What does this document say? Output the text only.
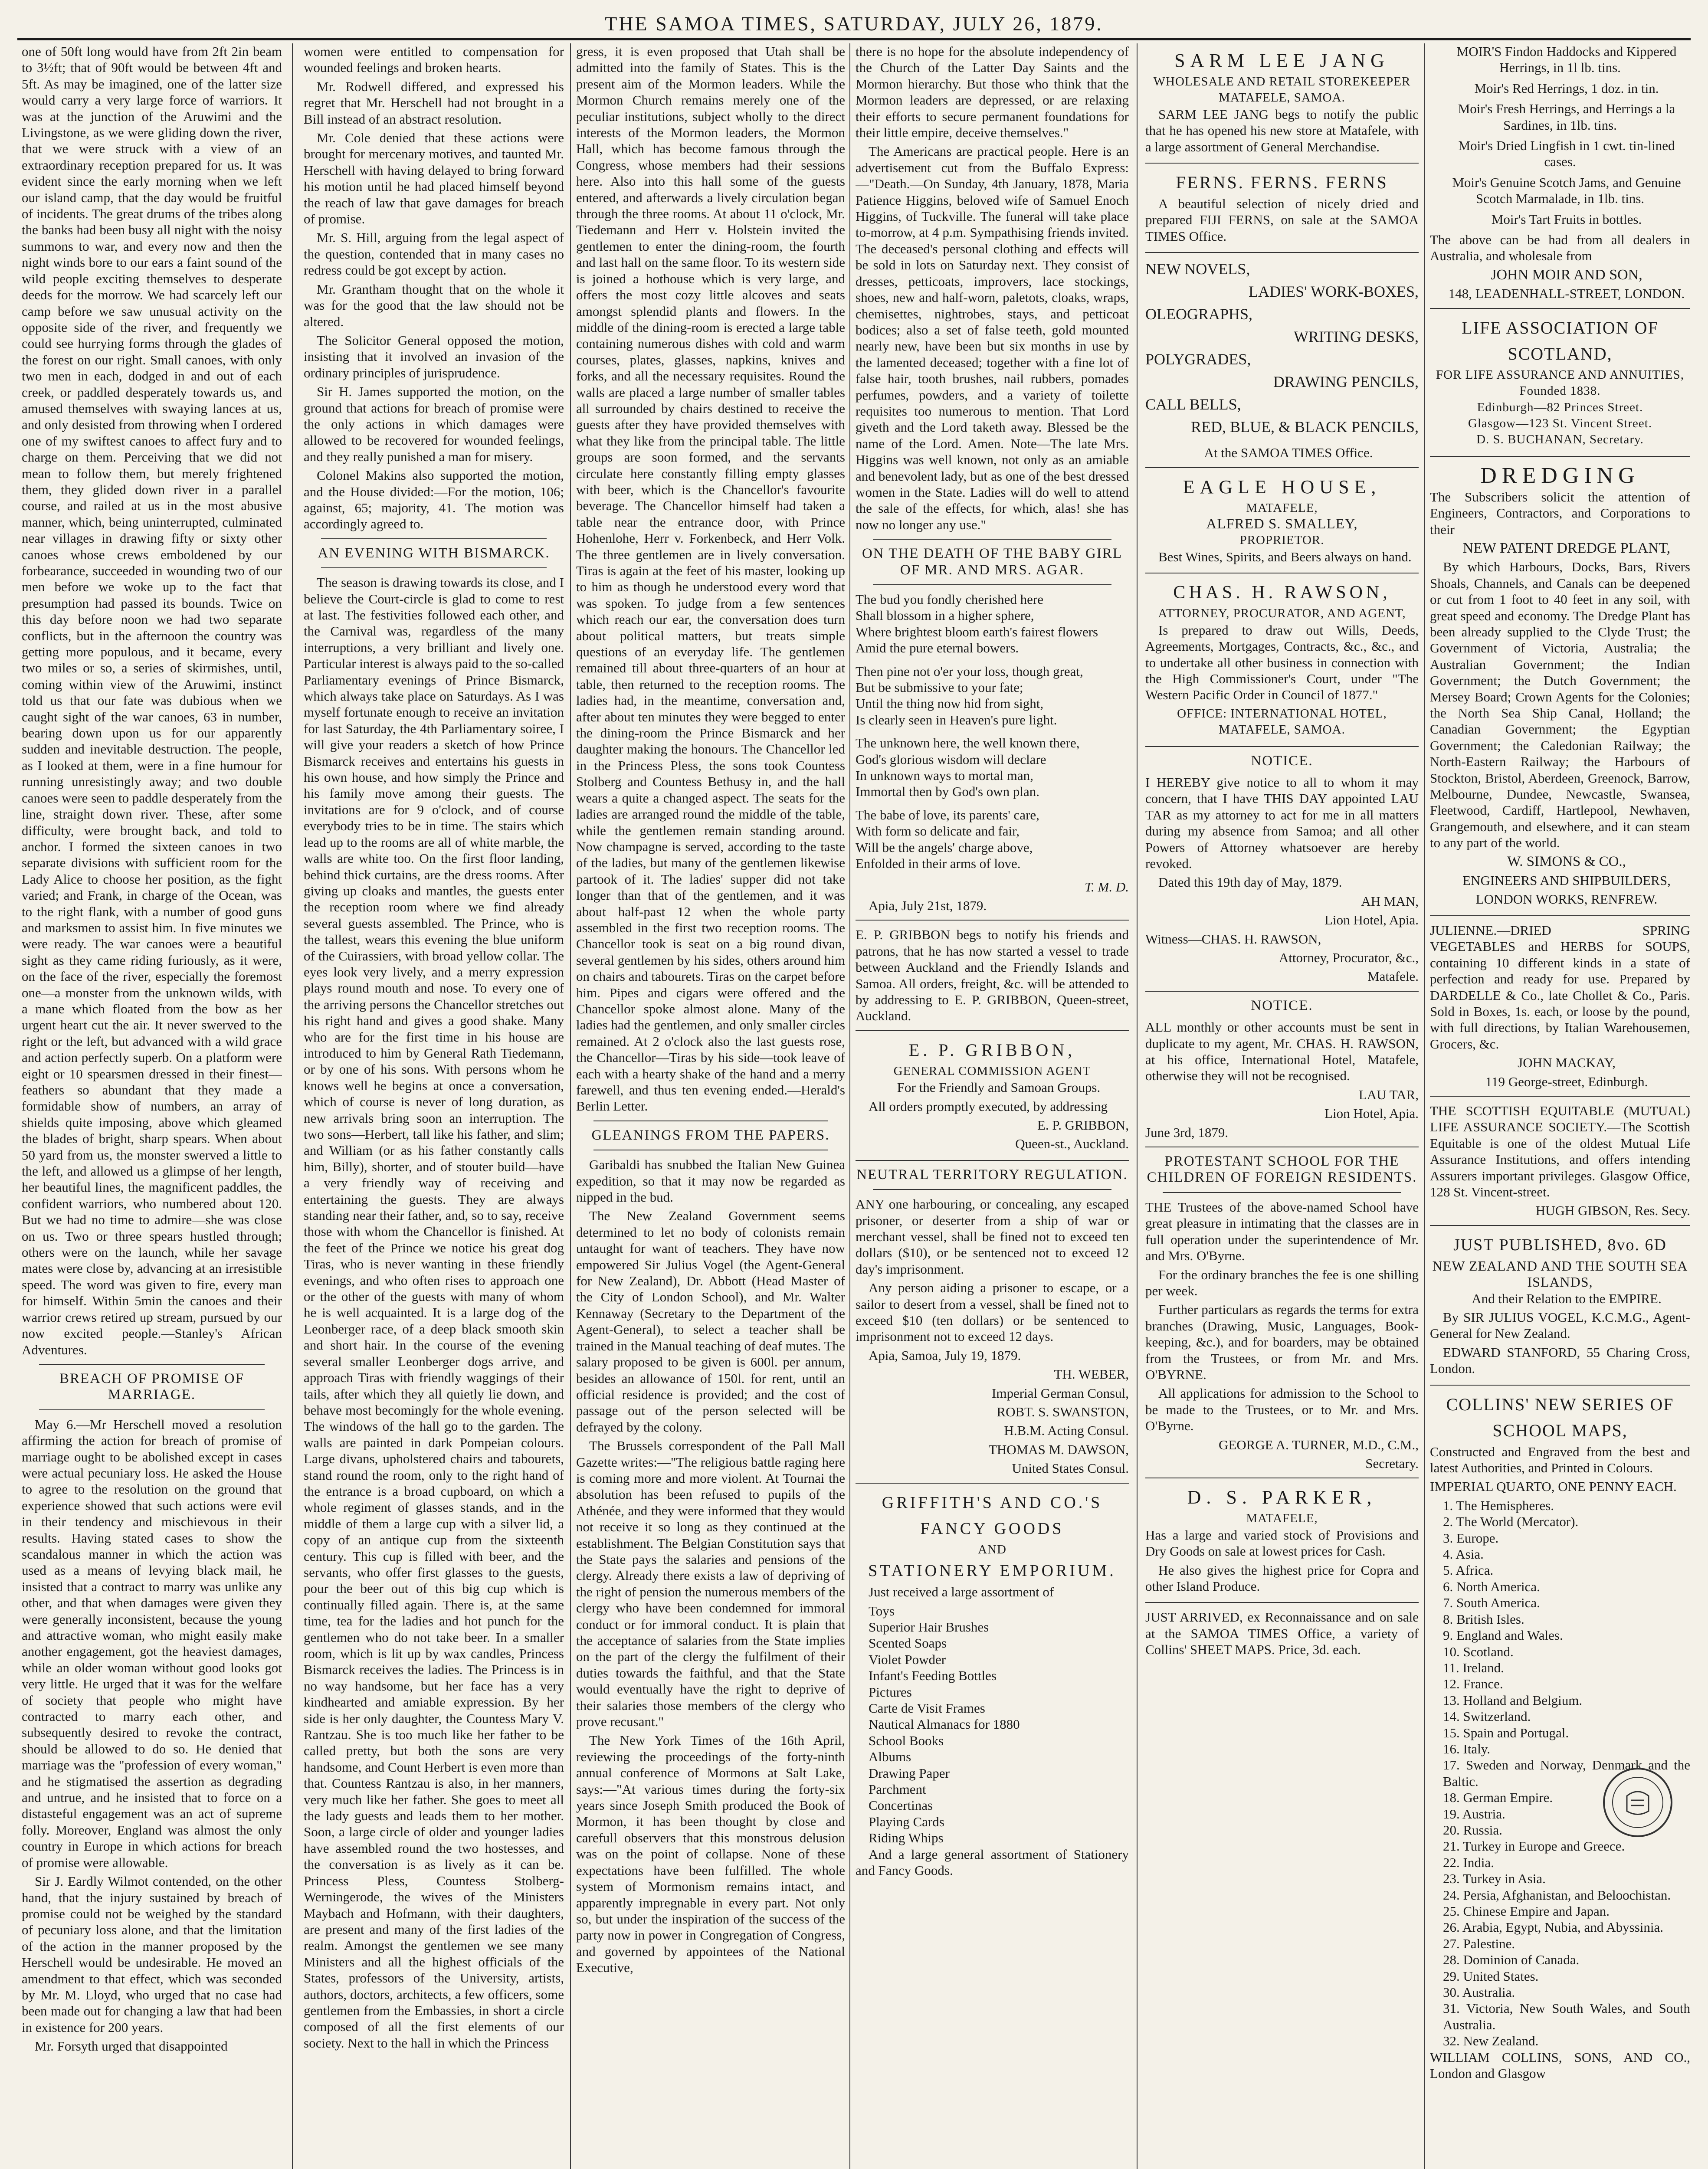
THE SAMOA TIMES, SATURDAY, JULY 26, 1879.

one of 50ft long would have from 2ft 2in beam to 3½ft; that of 90ft would be between 4ft and 5ft. As may be imagined, one of the latter size would carry a very large force of warriors. It was at the junction of the Aruwimi and the Livingstone, as we were gliding down the river, that we were struck with a view of an extraordinary reception prepared for us. It was evident since the early morning when we left our island camp, that the day would be fruitful of incidents. The great drums of the tribes along the banks had been busy all night with the noisy summons to war, and every now and then the night winds bore to our ears a faint sound of the wild people exciting themselves to desperate deeds for the morrow. We had scarcely left our camp before we saw unusual activity on the opposite side of the river, and frequently we could see hurrying forms through the glades of the forest on our right. Small canoes, with only two men in each, dodged in and out of each creek, or paddled desperately towards us, and amused themselves with swaying lances at us, and only desisted from throwing when I ordered one of my swiftest canoes to affect fury and to charge on them. Perceiving that we did not mean to follow them, but merely frightened them, they glided down river in a parallel course, and railed at us in the most abusive manner, which, being uninterrupted, culminated near villages in drawing fifty or sixty other canoes whose crews emboldened by our forbearance, succeeded in wounding two of our men before we woke up to the fact that presumption had passed its bounds. Twice on this day before noon we had two separate conflicts, but in the afternoon the country was getting more populous, and it became, every two miles or so, a series of skirmishes, until, coming within view of the Aruwimi, instinct told us that our fate was dubious when we caught sight of the war canoes, 63 in number, bearing down upon us for our apparently sudden and inevitable destruction. The people, as I looked at them, were in a fine humour for running unresistingly away; and two double canoes were seen to paddle desperately from the line, straight down river. These, after some difficulty, were brought back, and told to anchor. I formed the sixteen canoes in two separate divisions with sufficient room for the Lady Alice to choose her position, as the fight varied; and Frank, in charge of the Ocean, was to the right flank, with a number of good guns and marksmen to assist him. In five minutes we were ready. The war canoes were a beautiful sight as they came riding furiously, as it were, on the face of the river, especially the foremost one—a monster from the unknown wilds, with a mane which floated from the bow as her urgent heart cut the air. It never swerved to the right or the left, but advanced with a wild grace and action perfectly superb. On a platform were eight or 10 spearsmen dressed in their finest—feathers so abundant that they made a formidable show of numbers, an array of shields quite imposing, above which gleamed the blades of bright, sharp spears. When about 50 yard from us, the monster swerved a little to the left, and allowed us a glimpse of her length, her beautiful lines, the magnificent paddles, the confident warriors, who numbered about 120. But we had no time to admire—she was close on us. Two or three spears hustled through; others were on the launch, while her savage mates were close by, advancing at an irresistible speed. The word was given to fire, every man for himself. Within 5min the canoes and their warrior crews retired up stream, pursued by our now excited people.—Stanley's African Adventures.

BREACH OF PROMISE OF MARRIAGE.

May 6.—Mr Herschell moved a resolution affirming the action for breach of promise of marriage ought to be abolished except in cases were actual pecuniary loss. He asked the House to agree to the resolution on the ground that experience showed that such actions were evil in their tendency and mischievous in their results. Having stated cases to show the scandalous manner in which the action was used as a means of levying black mail, he insisted that a contract to marry was unlike any other, and that when damages were given they were generally inconsistent, because the young and attractive woman, who might easily make another engagement, got the heaviest damages, while an older woman without good looks got very little. He urged that it was for the welfare of society that people who might have contracted to marry each other, and subsequently desired to revoke the contract, should be allowed to do so. He denied that marriage was the "profession of every woman," and he stigmatised the assertion as degrading and untrue, and he insisted that to force on a distasteful engagement was an act of supreme folly. Moreover, England was almost the only country in Europe in which actions for breach of promise were allowable.

Sir J. Eardly Wilmot contended, on the other hand, that the injury sustained by breach of promise could not be weighed by the standard of pecuniary loss alone, and that the limitation of the action in the manner proposed by the Herschell would be undesirable. He moved an amendment to that effect, which was seconded by Mr. M. Lloyd, who urged that no case had been made out for changing a law that had been in existence for 200 years.

Mr. Forsyth urged that disappointed

women were entitled to compensation for wounded feelings and broken hearts.

Mr. Rodwell differed, and expressed his regret that Mr. Herschell had not brought in a Bill instead of an abstract resolution.

Mr. Cole denied that these actions were brought for mercenary motives, and taunted Mr. Herschell with having delayed to bring forward his motion until he had placed himself beyond the reach of law that gave damages for breach of promise.

Mr. S. Hill, arguing from the legal aspect of the question, contended that in many cases no redress could be got except by action.

Mr. Grantham thought that on the whole it was for the good that the law should not be altered.

The Solicitor General opposed the motion, insisting that it involved an invasion of the ordinary principles of jurisprudence.

Sir H. James supported the motion, on the ground that actions for breach of promise were the only actions in which damages were allowed to be recovered for wounded feelings, and they really punished a man for misery.

Colonel Makins also supported the motion, and the House divided:—For the motion, 106; against, 65; majority, 41. The motion was accordingly agreed to.

AN EVENING WITH BISMARCK.

The season is drawing towards its close, and I believe the Court-circle is glad to come to rest at last. The festivities followed each other, and the Carnival was, regardless of the many interruptions, a very brilliant and lively one. Particular interest is always paid to the so-called Parliamentary evenings of Prince Bismarck, which always take place on Saturdays. As I was myself fortunate enough to receive an invitation for last Saturday, the 4th Parliamentary soiree, I will give your readers a sketch of how Prince Bismarck receives and entertains his guests in his own house, and how simply the Prince and his family move among their guests. The invitations are for 9 o'clock, and of course everybody tries to be in time. The stairs which lead up to the rooms are all of white marble, the walls are white too. On the first floor landing, behind thick curtains, are the dress rooms. After giving up cloaks and mantles, the guests enter the reception room where we find already several guests assembled. The Prince, who is the tallest, wears this evening the blue uniform of the Cuirassiers, with broad yellow collar. The eyes look very lively, and a merry expression plays round mouth and nose. To every one of the arriving persons the Chancellor stretches out his right hand and gives a good shake. Many who are for the first time in his house are introduced to him by General Rath Tiedemann, or by one of his sons. With persons whom he knows well he begins at once a conversation, which of course is never of long duration, as new arrivals bring soon an interruption. The two sons—Herbert, tall like his father, and slim; and William (or as his father constantly calls him, Billy), shorter, and of stouter build—have a very friendly way of receiving and entertaining the guests. They are always standing near their father, and, so to say, receive those with whom the Chancellor is finished. At the feet of the Prince we notice his great dog Tiras, who is never wanting in these friendly evenings, and who often rises to approach one or the other of the guests with many of whom he is well acquainted. It is a large dog of the Leonberger race, of a deep black smooth skin and short hair. In the course of the evening several smaller Leonberger dogs arrive, and approach Tiras with friendly waggings of their tails, after which they all quietly lie down, and behave most becomingly for the whole evening. The windows of the hall go to the garden. The walls are painted in dark Pompeian colours. Large divans, upholstered chairs and tabourets, stand round the room, only to the right hand of the entrance is a broad cupboard, on which a whole regiment of glasses stands, and in the middle of them a large cup with a silver lid, a copy of an antique cup from the sixteenth century. This cup is filled with beer, and the servants, who offer first glasses to the guests, pour the beer out of this big cup which is continually filled again. There is, at the same time, tea for the ladies and hot punch for the gentlemen who do not take beer. In a smaller room, which is lit up by wax candles, Princess Bismarck receives the ladies. The Princess is in no way handsome, but her face has a very kindhearted and amiable expression. By her side is her only daughter, the Countess Mary V. Rantzau. She is too much like her father to be called pretty, but both the sons are very handsome, and Count Herbert is even more than that. Countess Rantzau is also, in her manners, very much like her father. She goes to meet all the lady guests and leads them to her mother. Soon, a large circle of older and younger ladies have assembled round the two hostesses, and the conversation is as lively as it can be. Princess Pless, Countess Stolberg-Werningerode, the wives of the Ministers Maybach and Hofmann, with their daughters, are present and many of the first ladies of the realm. Amongst the gentlemen we see many Ministers and all the highest officials of the States, professors of the University, artists, authors, doctors, architects, a few officers, some gentlemen from the Embassies, in short a circle composed of all the first elements of our society. Next to the hall in which the Princess

gress, it is even proposed that Utah shall be admitted into the family of States. This is the present aim of the Mormon leaders. While the Mormon Church remains merely one of the peculiar institutions, subject wholly to the direct interests of the Mormon leaders, the Mormon Hall, which has become famous through the Congress, whose members had their sessions here. Also into this hall some of the guests entered, and afterwards a lively circulation began through the three rooms. At about 11 o'clock, Mr. Tiedemann and Herr v. Holstein invited the gentlemen to enter the dining-room, the fourth and last hall on the same floor. To its western side is joined a hothouse which is very large, and offers the most cozy little alcoves and seats amongst splendid plants and flowers. In the middle of the dining-room is erected a large table containing numerous dishes with cold and warm courses, plates, glasses, napkins, knives and forks, and all the necessary requisites. Round the walls are placed a large number of smaller tables all surrounded by chairs destined to receive the guests after they have provided themselves with what they like from the principal table. The little groups are soon formed, and the servants circulate here constantly filling empty glasses with beer, which is the Chancellor's favourite beverage. The Chancellor himself had taken a table near the entrance door, with Prince Hohenlohe, Herr v. Forkenbeck, and Herr Volk. The three gentlemen are in lively conversation. Tiras is again at the feet of his master, looking up to him as though he understood every word that was spoken. To judge from a few sentences which reach our ear, the conversation does turn about political matters, but treats simple questions of an everyday life. The gentlemen remained till about three-quarters of an hour at table, then returned to the reception rooms. The ladies had, in the meantime, conversation and, after about ten minutes they were begged to enter the dining-room the Prince Bismarck and her daughter making the honours. The Chancellor led in the Princess Pless, the sons took Countess Stolberg and Countess Bethusy in, and the hall wears a quite a changed aspect. The seats for the ladies are arranged round the middle of the table, while the gentlemen remain standing around. Now champagne is served, according to the taste of the ladies, but many of the gentlemen likewise partook of it. The ladies' supper did not take longer than that of the gentlemen, and it was about half-past 12 when the whole party assembled in the first two reception rooms. The Chancellor took is seat on a big round divan, several gentlemen by his sides, others around him on chairs and tabourets. Tiras on the carpet before him. Pipes and cigars were offered and the Chancellor spoke almost alone. Many of the ladies had the gentlemen, and only smaller circles remained. At 2 o'clock also the last guests rose, the Chancellor—Tiras by his side—took leave of each with a hearty shake of the hand and a merry farewell, and thus ten evening ended.—Herald's Berlin Letter.

GLEANINGS FROM THE PAPERS.

Garibaldi has snubbed the Italian New Guinea expedition, so that it may now be regarded as nipped in the bud.

The New Zealand Government seems determined to let no body of colonists remain untaught for want of teachers. They have now empowered Sir Julius Vogel (the Agent-General for New Zealand), Dr. Abbott (Head Master of the City of London School), and Mr. Walter Kennaway (Secretary to the Department of the Agent-General), to select a teacher shall be trained in the Manual teaching of deaf mutes. The salary proposed to be given is 600l. per annum, besides an allowance of 150l. for rent, until an official residence is provided; and the cost of passage out of the person selected will be defrayed by the colony.

The Brussels correspondent of the Pall Mall Gazette writes:—"The religious battle raging here is coming more and more violent. At Tournai the absolution has been refused to pupils of the Athénée, and they were informed that they would not receive it so long as they continued at the establishment. The Belgian Constitution says that the State pays the salaries and pensions of the clergy. Already there exists a law of depriving of the right of pension the numerous members of the clergy who have been condemned for immoral conduct or for immoral conduct. It is plain that the acceptance of salaries from the State implies on the part of the clergy the fulfilment of their duties towards the faithful, and that the State would eventually have the right to deprive of their salaries those members of the clergy who prove recusant."

The New York Times of the 16th April, reviewing the proceedings of the forty-ninth annual conference of Mormons at Salt Lake, says:—"At various times during the forty-six years since Joseph Smith produced the Book of Mormon, it has been thought by close and carefull observers that this monstrous delusion was on the point of collapse. None of these expectations have been fulfilled. The whole system of Mormonism remains intact, and apparently impregnable in every part. Not only so, but under the inspiration of the success of the party now in power in Congregation of Congress, and governed by appointees of the National Executive,

there is no hope for the absolute independency of the Church of the Latter Day Saints and the Mormon hierarchy. But those who think that the Mormon leaders are depressed, or are relaxing their efforts to secure permanent foundations for their little empire, deceive themselves."

The Americans are practical people. Here is an advertisement cut from the Buffalo Express:—"Death.—On Sunday, 4th January, 1878, Maria Patience Higgins, beloved wife of Samuel Enoch Higgins, of Tuckville. The funeral will take place to-morrow, at 4 p.m. Sympathising friends invited. The deceased's personal clothing and effects will be sold in lots on Saturday next. They consist of dresses, petticoats, improvers, lace stockings, shoes, new and half-worn, paletots, cloaks, wraps, chemisettes, nightrobes, stays, and petticoat bodices; also a set of false teeth, gold mounted nearly new, have been but six months in use by the lamented deceased; together with a fine lot of false hair, tooth brushes, nail rubbers, pomades perfumes, powders, and a variety of toilette requisites too numerous to mention. That Lord giveth and the Lord taketh away. Blessed be the name of the Lord. Amen. Note—The late Mrs. Higgins was well known, not only as an amiable and benevolent lady, but as one of the best dressed women in the State. Ladies will do well to attend the sale of the effects, for which, alas! she has now no longer any use."

ON THE DEATH OF THE BABY GIRL OF MR. AND MRS. AGAR.

The bud you fondly cherished here

Shall blossom in a higher sphere,

Where brightest bloom earth's fairest flowers

Amid the pure eternal bowers.

Then pine not o'er your loss, though great,

But be submissive to your fate;

Until the thing now hid from sight,

Is clearly seen in Heaven's pure light.

The unknown here, the well known there,

God's glorious wisdom will declare

In unknown ways to mortal man,

Immortal then by God's own plan.

The babe of love, its parents' care,

With form so delicate and fair,

Will be the angels' charge above,

Enfolded in their arms of love.

T. M. D.

Apia, July 21st, 1879.

E. P. GRIBBON begs to notify his friends and patrons, that he has now started a vessel to trade between Auckland and the Friendly Islands and Samoa. All orders, freight, &c. will be attended to by addressing to E. P. GRIBBON, Queen-street, Auckland.

E. P. GRIBBON,
GENERAL COMMISSION AGENT

For the Friendly and Samoan Groups.

All orders promptly executed, by addressing

E. P. GRIBBON,

Queen-st., Auckland.

NEUTRAL TERRITORY REGULATION.

ANY one harbouring, or concealing, any escaped prisoner, or deserter from a ship of war or merchant vessel, shall be fined not to exceed ten dollars ($10), or be sentenced not to exceed 12 day's imprisonment.

Any person aiding a prisoner to escape, or a sailor to desert from a vessel, shall be fined not to exceed $10 (ten dollars) or be sentenced to imprisonment not to exceed 12 days.

Apia, Samoa, July 19, 1879.

TH. WEBER,

Imperial German Consul,

ROBT. S. SWANSTON,

H.B.M. Acting Consul.

THOMAS M. DAWSON,

United States Consul.

GRIFFITH'S AND CO.'S FANCY GOODS
AND
STATIONERY EMPORIUM.

Just received a large assortment of

Toys
Superior Hair Brushes
Scented Soaps
Violet Powder
Infant's Feeding Bottles
Pictures
Carte de Visit Frames
Nautical Almanacs for 1880
School Books
Albums
Drawing Paper
Parchment
Concertinas
Playing Cards
Riding Whips

And a large general assortment of Stationery and Fancy Goods.

SARM LEE JANG
WHOLESALE AND RETAIL STOREKEEPER
MATAFELE, SAMOA.

SARM LEE JANG begs to notify the public that he has opened his new store at Matafele, with a large assortment of General Merchandise.

FERNS. FERNS. FERNS

A beautiful selection of nicely dried and prepared FIJI FERNS, on sale at the SAMOA TIMES Office.

NEW NOVELS,

LADIES' WORK-BOXES,

OLEOGRAPHS,

WRITING DESKS,

POLYGRADES,

DRAWING PENCILS,

CALL BELLS,

RED, BLUE, & BLACK PENCILS,

At the SAMOA TIMES Office.

EAGLE HOUSE,
MATAFELE,
ALFRED S. SMALLEY,
PROPRIETOR.

Best Wines, Spirits, and Beers always on hand.

CHAS. H. RAWSON,
ATTORNEY, PROCURATOR, AND AGENT,

Is prepared to draw out Wills, Deeds, Agreements, Mortgages, Contracts, &c., &c., and to undertake all other business in connection with the High Commissioner's Court, under "The Western Pacific Order in Council of 1877."

OFFICE: INTERNATIONAL HOTEL,
MATAFELE, SAMOA.
NOTICE.

I HEREBY give notice to all to whom it may concern, that I have THIS DAY appointed LAU TAR as my attorney to act for me in all matters during my absence from Samoa; and all other Powers of Attorney whatsoever are hereby revoked.

Dated this 19th day of May, 1879.

AH MAN,

Lion Hotel, Apia.

Witness—CHAS. H. RAWSON,

Attorney, Procurator, &c.,

Matafele.

NOTICE.

ALL monthly or other accounts must be sent in duplicate to my agent, Mr. CHAS. H. RAWSON, at his office, International Hotel, Matafele, otherwise they will not be recognised.

LAU TAR,

Lion Hotel, Apia.

June 3rd, 1879.

PROTESTANT SCHOOL FOR THE CHILDREN OF FOREIGN RESIDENTS.

THE Trustees of the above-named School have great pleasure in intimating that the classes are in full operation under the superintendence of Mr. and Mrs. O'Byrne.

For the ordinary branches the fee is one shilling per week.

Further particulars as regards the terms for extra branches (Drawing, Music, Languages, Book-keeping, &c.), and for boarders, may be obtained from the Trustees, or from Mr. and Mrs. O'BYRNE.

All applications for admission to the School to be made to the Trustees, or to Mr. and Mrs. O'Byrne.

GEORGE A. TURNER, M.D., C.M.,

Secretary.

D. S. PARKER,
MATAFELE,

Has a large and varied stock of Provisions and Dry Goods on sale at lowest prices for Cash.

He also gives the highest price for Copra and other Island Produce.

JUST ARRIVED, ex Reconnaissance and on sale at the SAMOA TIMES Office, a variety of Collins' SHEET MAPS. Price, 3d. each.

MOIR'S Findon Haddocks and Kippered Herrings, in 1l lb. tins.

Moir's Red Herrings, 1 doz. in tin.

Moir's Fresh Herrings, and Herrings a la Sardines, in 1lb. tins.

Moir's Dried Lingfish in 1 cwt. tin-lined cases.

Moir's Genuine Scotch Jams, and Genuine Scotch Marmalade, in 1lb. tins.

Moir's Tart Fruits in bottles.

The above can be had from all dealers in Australia, and wholesale from

JOHN MOIR AND SON,

148, LEADENHALL-STREET, LONDON.

LIFE ASSOCIATION OF SCOTLAND,
FOR LIFE ASSURANCE AND ANNUITIES,
Founded 1838.
Edinburgh—82 Princes Street.
Glasgow—123 St. Vincent Street.
D. S. BUCHANAN, Secretary.
DREDGING

The Subscribers solicit the attention of Engineers, Contractors, and Corporations to their

NEW PATENT DREDGE PLANT,

By which Harbours, Docks, Bars, Rivers Shoals, Channels, and Canals can be deepened or cut from 1 foot to 40 feet in any soil, with great speed and economy. The Dredge Plant has been already supplied to the Clyde Trust; the Government of Victoria, Australia; the Australian Government; the Indian Government; the Dutch Government; the Mersey Board; Crown Agents for the Colonies; the North Sea Ship Canal, Holland; the Canadian Government; the Egyptian Government; the Caledonian Railway; the North-Eastern Railway; the Harbours of Stockton, Bristol, Aberdeen, Greenock, Barrow, Melbourne, Dundee, Newcastle, Swansea, Fleetwood, Cardiff, Hartlepool, Newhaven, Grangemouth, and elsewhere, and it can steam to any part of the world.

W. SIMONS & CO.,

ENGINEERS AND SHIPBUILDERS,

LONDON WORKS, RENFREW.

JULIENNE.—DRIED SPRING VEGETABLES and HERBS for SOUPS, containing 10 different kinds in a state of perfection and ready for use. Prepared by DARDELLE & Co., late Chollet & Co., Paris. Sold in Boxes, 1s. each, or loose by the pound, with full directions, by Italian Warehousemen, Grocers, &c.

JOHN MACKAY,

119 George-street, Edinburgh.

THE SCOTTISH EQUITABLE (MUTUAL) LIFE ASSURANCE SOCIETY.—The Scottish Equitable is one of the oldest Mutual Life Assurance Institutions, and offers intending Assurers important privileges. Glasgow Office, 128 St. Vincent-street.

HUGH GIBSON, Res. Secy.

JUST PUBLISHED, 8vo. 6D
NEW ZEALAND AND THE SOUTH SEA ISLANDS,

And their Relation to the EMPIRE.

By SIR JULIUS VOGEL, K.C.M.G., Agent-General for New Zealand.

EDWARD STANFORD, 55 Charing Cross, London.

COLLINS' NEW SERIES OF SCHOOL MAPS,

Constructed and Engraved from the best and latest Authorities, and Printed in Colours.

IMPERIAL QUARTO, ONE PENNY EACH.

1. The Hemispheres.
2. The World (Mercator).
3. Europe.
4. Asia.
5. Africa.
6. North America.
7. South America.
8. British Isles.
9. England and Wales.
10. Scotland.
11. Ireland.
12. France.
13. Holland and Belgium.
14. Switzerland.
15. Spain and Portugal.
16. Italy.
17. Sweden and Norway, Denmark and the Baltic.
18. German Empire.
19. Austria.
20. Russia.
21. Turkey in Europe and Greece.
22. India.
23. Turkey in Asia.
24. Persia, Afghanistan, and Beloochistan.
25. Chinese Empire and Japan.
26. Arabia, Egypt, Nubia, and Abyssinia.
27. Palestine.
28. Dominion of Canada.
29. United States.
30. Australia.
31. Victoria, New South Wales, and South Australia.
32. New Zealand.

WILLIAM COLLINS, SONS, AND CO., London and Glasgow
